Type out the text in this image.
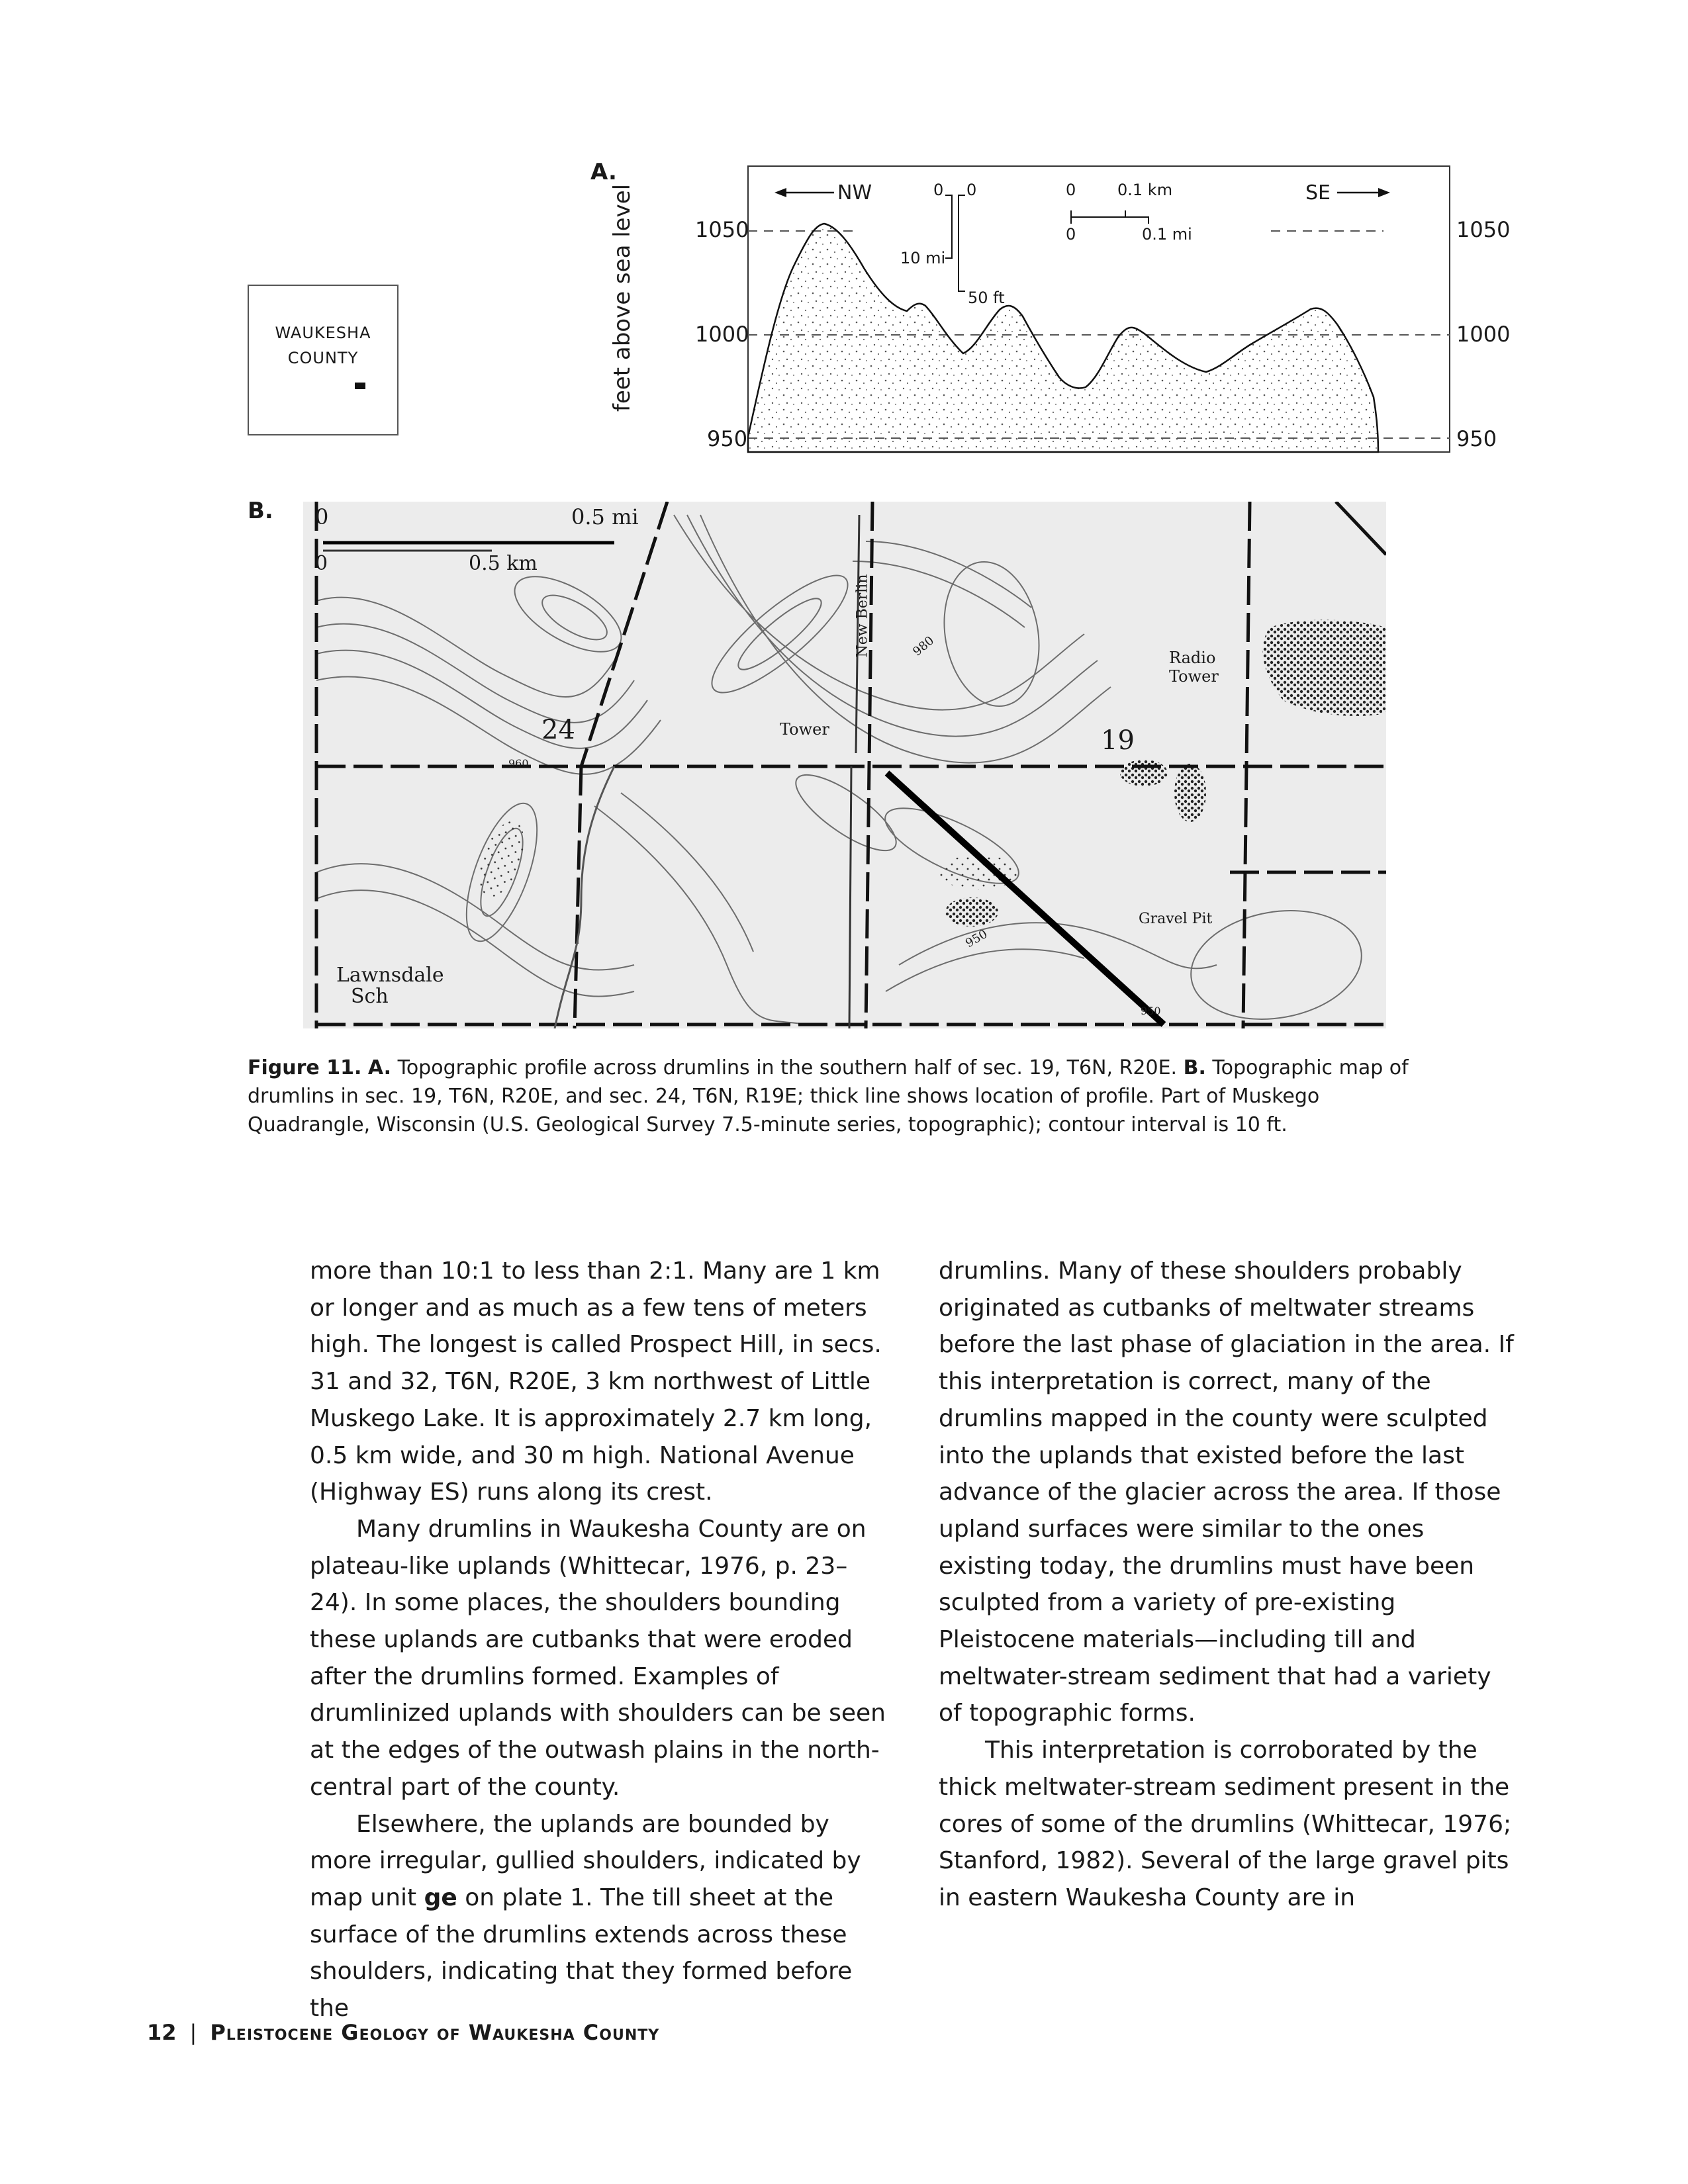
A.
feet above sea level	1050
1000
950
1050
1000
950
NW	SE
0 0
10 mi
50 ft
0	0.1 km
0	0.1 mi
WAUKESHA
COUNTY
B. 0	0.5 mi
0	0.5 km
24	19
Tower
Radio
Tower
New Berlin
Lawnsdale
Sch
Gravel Pit
980
950
960
950
Figure 11. A. Topographic profile across drumlins in the southern half of sec. 19, T6N, R20E. B. Topographic map of drumlins in sec. 19, T6N, R20E, and sec. 24, T6N, R19E; thick line shows location of profile. Part of Muskego Quadrangle, Wisconsin (U.S. Geological Survey 7.5-minute series, topographic); contour interval is 10 ft.

more than 10:1 to less than 2:1. Many are 1 km or longer and as much as a few tens of meters high. The longest is called Prospect Hill, in secs. 31 and 32, T6N, R20E, 3 km northwest of Little Muskego Lake. It is approximately 2.7 km long, 0.5 km wide, and 30 m high. National Avenue (Highway ES) runs along its crest.

Many drumlins in Waukesha County are on plateau-like uplands (Whittecar, 1976, p. 23–24). In some places, the shoulders bounding these uplands are cutbanks that were eroded after the drumlins formed. Examples of drumlinized uplands with shoulders can be seen at the edges of the outwash plains in the north-central part of the county.

Elsewhere, the uplands are bounded by more irregular, gullied shoulders, indicated by map unit ge on plate 1. The till sheet at the surface of the drumlins extends across these shoulders, indicating that they formed before the

drumlins. Many of these shoulders probably originated as cutbanks of meltwater streams before the last phase of glaciation in the area. If this interpretation is correct, many of the drumlins mapped in the county were sculpted into the uplands that existed before the last advance of the glacier across the area. If those upland surfaces were similar to the ones existing today, the drumlins must have been sculpted from a variety of pre-existing Pleistocene materials—including till and meltwater-stream sediment that had a variety of topographic forms.

This interpretation is corroborated by the thick meltwater-stream sediment present in the cores of some of the drumlins (Whittecar, 1976; Stanford, 1982). Several of the large gravel pits in eastern Waukesha County are in

12 | Pleistocene Geology of Waukesha County
